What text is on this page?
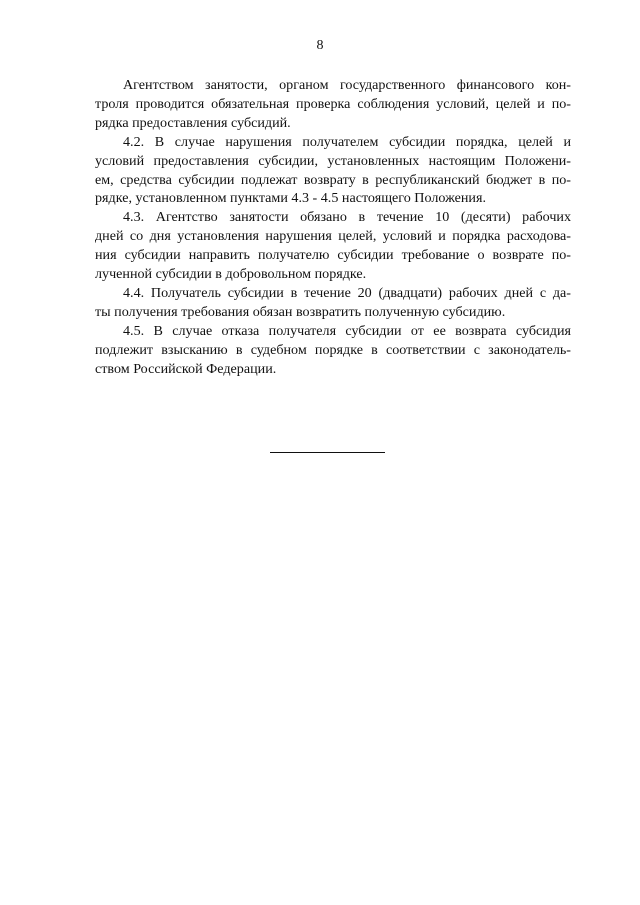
8
Агентством занятости, органом государственного финансового кон-
троля проводится обязательная проверка соблюдения условий, целей и по-
рядка предоставления субсидий.
4.2. В случае нарушения получателем субсидии порядка, целей и
условий предоставления субсидии, установленных настоящим Положени-
ем, средства субсидии подлежат возврату в республиканский бюджет в по-
рядке, установленном пунктами 4.3 - 4.5 настоящего Положения.
4.3. Агентство занятости обязано в течение 10 (десяти) рабочих
дней со дня установления нарушения целей, условий и порядка расходова-
ния субсидии направить получателю субсидии требование о возврате по-
лученной субсидии в добровольном порядке.
4.4. Получатель субсидии в течение 20 (двадцати) рабочих дней с да-
ты получения требования обязан возвратить полученную субсидию.
4.5. В случае отказа получателя субсидии от ее возврата субсидия
подлежит взысканию в судебном порядке в соответствии с законодатель-
ством Российской Федерации.
